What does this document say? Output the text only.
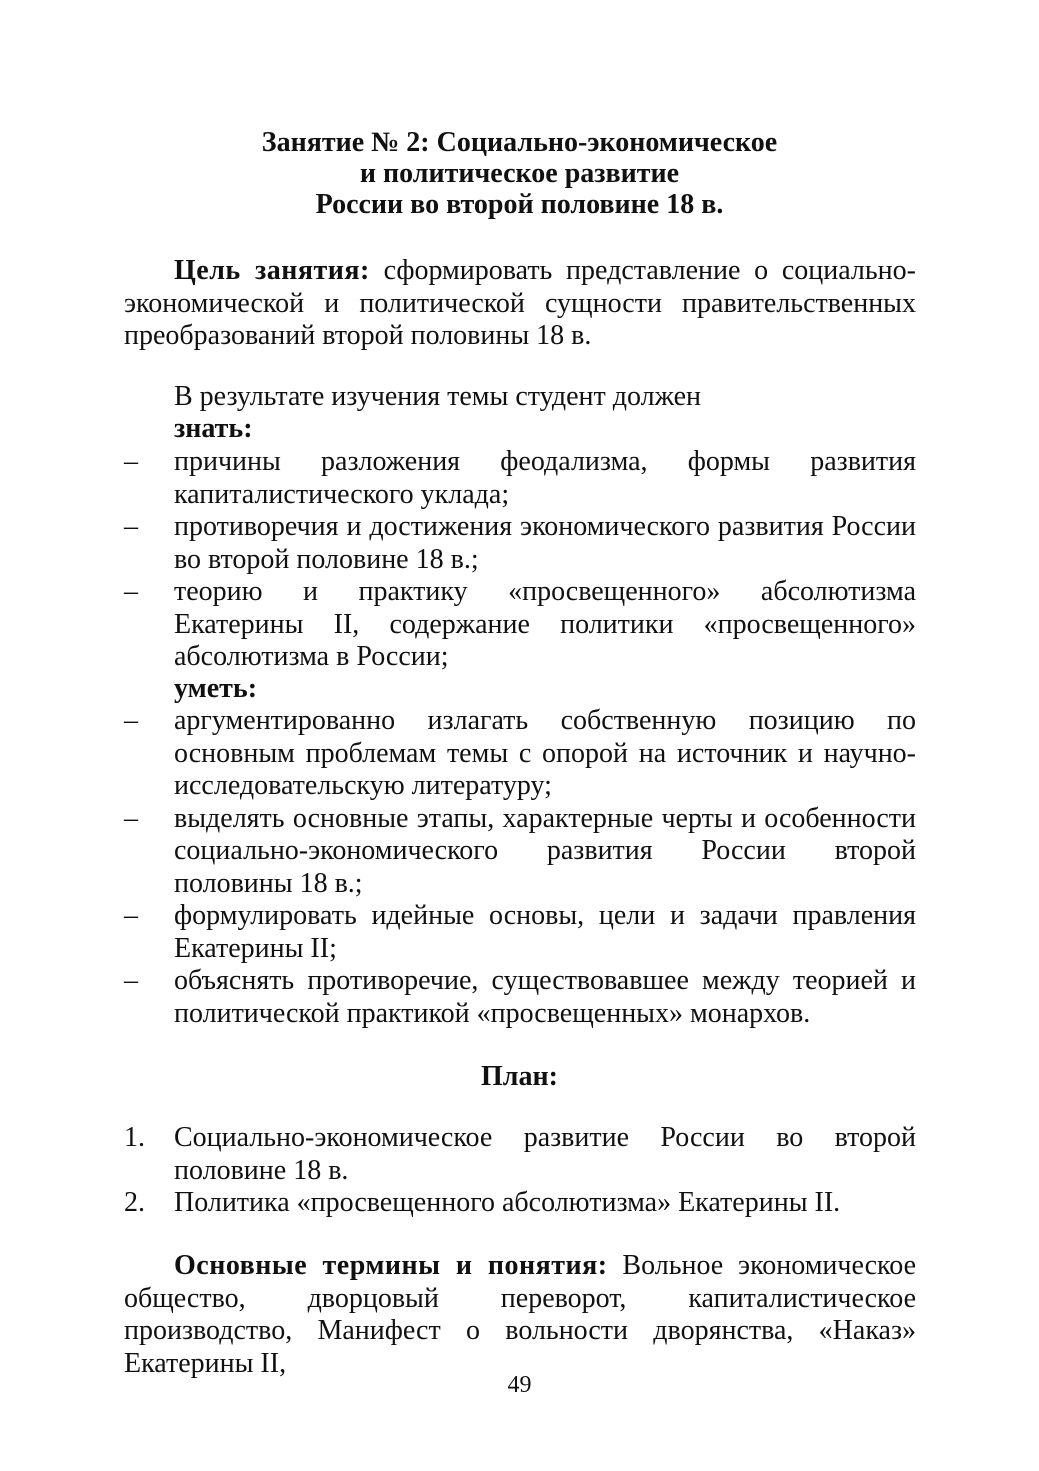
Занятие № 2: Социально-экономическое
и политическое развитие
России во второй половине 18 в.

Цель занятия: сформировать представление о социально-экономической и политической сущности правительственных преобразований второй половины 18 в.

В результате изучения темы студент должен
знать:
– причины разложения феодализма, формы развития капиталистического уклада;
– противоречия и достижения экономического развития России во второй половине 18 в.;
– теорию и практику «просвещенного» абсолютизма Екатерины II, содержание политики «просвещенного» абсолютизма в России;
уметь:
– аргументированно излагать собственную позицию по основным проблемам темы с опорой на источник и научно-исследовательскую литературу;
– выделять основные этапы, характерные черты и особенности социально-экономического развития России второй половины 18 в.;
– формулировать идейные основы, цели и задачи правления Екатерины II;
– объяснять противоречие, существовавшее между теорией и политической практикой «просвещенных» монархов.
План:
1. Социально-экономическое развитие России во второй половине 18 в.
2. Политика «просвещенного абсолютизма» Екатерины II.

Основные термины и понятия: Вольное экономическое общество, дворцовый переворот, капиталистическое производство, Манифест о вольности дворянства, «Наказ» Екатерины II,

49
